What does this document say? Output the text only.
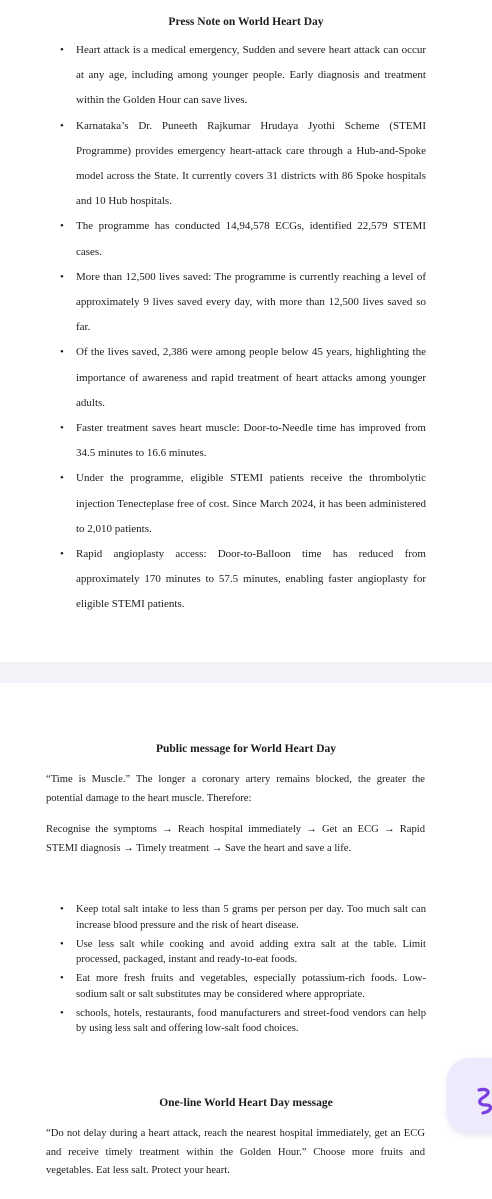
Press Note on World Heart Day
• Heart attack is a medical emergency, Sudden and severe heart attack can occur at any age, including among younger people. Early diagnosis and treatment within the Golden Hour can save lives.
• Karnataka’s Dr. Puneeth Rajkumar Hrudaya Jyothi Scheme (STEMI Programme) provides emergency heart-attack care through a Hub-and-Spoke model across the State. It currently covers 31 districts with 86 Spoke hospitals and 10 Hub hospitals.
• The programme has conducted 14,94,578 ECGs, identified 22,579 STEMI cases.
• More than 12,500 lives saved: The programme is currently reaching a level of approximately 9 lives saved every day, with more than 12,500 lives saved so far.
• Of the lives saved, 2,386 were among people below 45 years, highlighting the importance of awareness and rapid treatment of heart attacks among younger adults.
• Faster treatment saves heart muscle: Door-to-Needle time has improved from 34.5 minutes to 16.6 minutes.
• Under the programme, eligible STEMI patients receive the thrombolytic injection Tenecteplase free of cost. Since March 2024, it has been administered to 2,010 patients.
• Rapid angioplasty access: Door-to-Balloon time has reduced from approximately 170 minutes to 57.5 minutes, enabling faster angioplasty for eligible STEMI patients.
Public message for World Heart Day

“Time is Muscle.” The longer a coronary artery remains blocked, the greater the potential damage to the heart muscle. Therefore:

Recognise the symptoms → Reach hospital immediately → Get an ECG → Rapid STEMI diagnosis → Timely treatment → Save the heart and save a life.

• Keep total salt intake to less than 5 grams per person per day. Too much salt can increase blood pressure and the risk of heart disease.
• Use less salt while cooking and avoid adding extra salt at the table. Limit processed, packaged, instant and ready-to-eat foods.
• Eat more fresh fruits and vegetables, especially potassium-rich foods. Low-sodium salt or salt substitutes may be considered where appropriate.
• schools, hotels, restaurants, food manufacturers and street-food vendors can help by using less salt and offering low-salt food choices.
One-line World Heart Day message

“Do not delay during a heart attack, reach the nearest hospital immediately, get an ECG and receive timely treatment within the Golden Hour.” Choose more fruits and vegetables. Eat less salt. Protect your heart.
